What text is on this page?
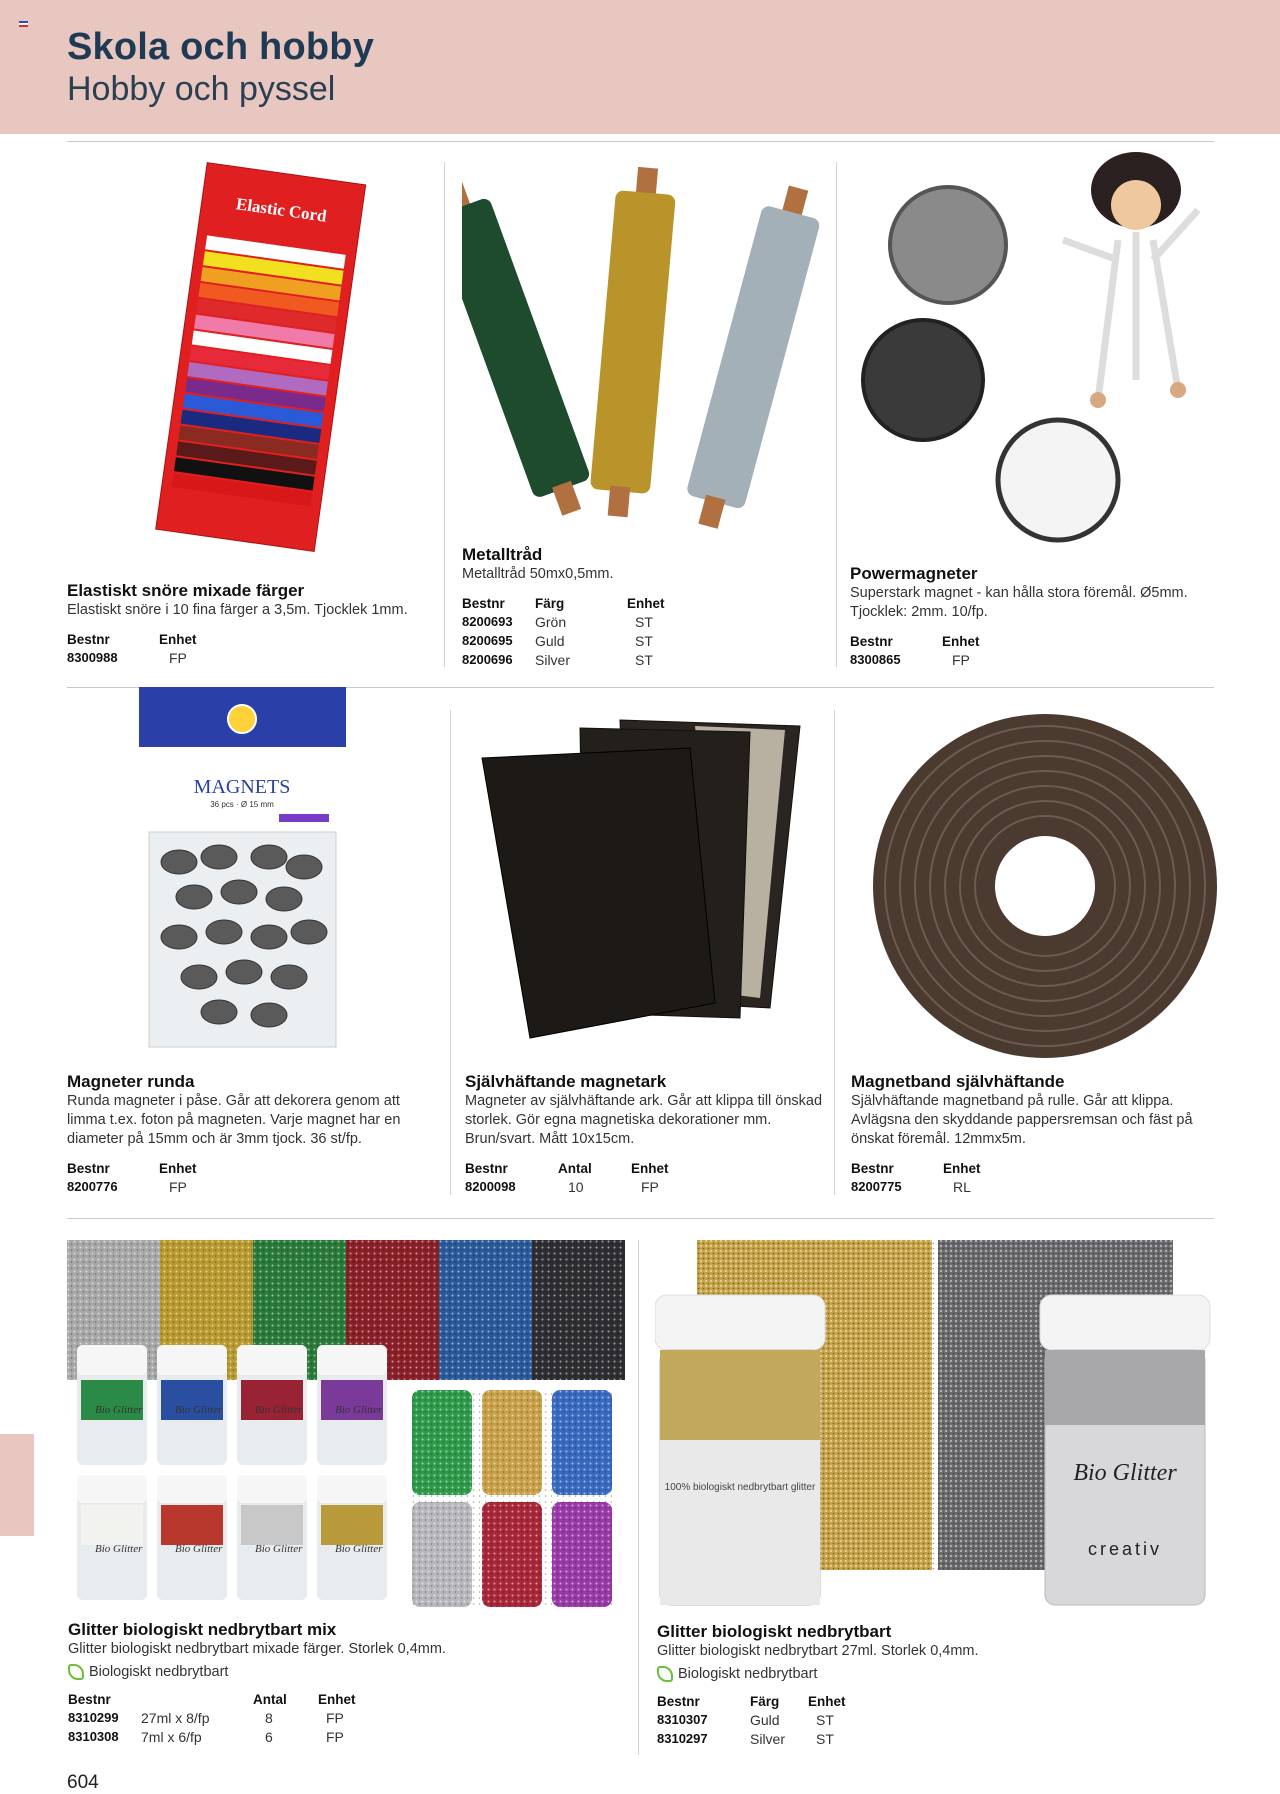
Skola och hobby
Hobby och pyssel
Elastic Cord
Elastiskt snöre mixade färger
Elastiskt snöre i 10 fina färger a 3,5m. Tjocklek 1mm.
Bestnr	Enhet
8300988	FP
Metalltråd
Metalltråd 50mx0,5mm.
Bestnr	Färg	Enhet
8200693	Grön	ST
8200695	Guld	ST
8200696	Silver	ST
Powermagneter
Superstark magnet - kan hålla stora föremål. Ø5mm. Tjocklek: 2mm. 10/fp.
Bestnr	Enhet
8300865	FP
MAGNETS
36 pcs · Ø 15 mm
Magneter runda
Runda magneter i påse. Går att dekorera genom att limma t.ex. foton på magneten. Varje magnet har en diameter på 15mm och är 3mm tjock. 36 st/fp.
Bestnr	Enhet
8200776	FP
Självhäftande magnetark
Magneter av självhäftande ark. Går att klippa till önskad storlek. Gör egna magnetiska dekorationer mm. Brun/svart. Mått 10x15cm.
Bestnr	Antal	Enhet
8200098	10	FP
Magnetband självhäftande
Självhäftande magnetband på rulle. Går att klippa. Avlägsna den skyddande pappersremsan och fäst på önskat föremål. 12mmx5m.
Bestnr	Enhet
8200775	RL
Bio Glitter	Bio Glitter	Bio Glitter	Bio Glitter
Bio Glitter	Bio Glitter	Bio Glitter	Bio Glitter
100% biologiskt nedbrytbart glitter
Bio Glitter
creativ
Glitter biologiskt nedbrytbart mix
Glitter biologiskt nedbrytbart mixade färger. Storlek 0,4mm.
Biologiskt nedbrytbart
Bestnr		Antal	Enhet
8310299	27ml x 8/fp	8	FP
8310308	7ml x 6/fp	6	FP
Glitter biologiskt nedbrytbart
Glitter biologiskt nedbrytbart 27ml. Storlek 0,4mm.
Biologiskt nedbrytbart
Bestnr	Färg	Enhet
8310307	Guld	ST
8310297	Silver	ST
604
